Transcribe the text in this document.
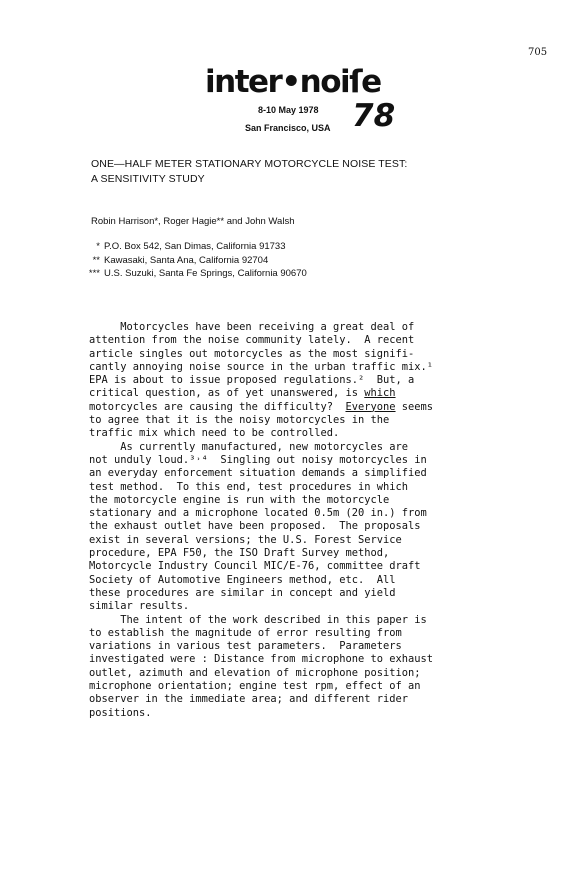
705
inter•noiſe
8-10 May 1978
San Francisco, USA 78
ONE—HALF METER STATIONARY MOTORCYCLE NOISE TEST:
A SENSITIVITY STUDY
Robin Harrison*, Roger Hagie** and John Walsh
* P.O. Box 542, San Dimas, California 91733
** Kawasaki, Santa Ana, California 92704
*** U.S. Suzuki, Santa Fe Springs, California 90670
Motorcycles have been receiving a great deal of
attention from the noise community lately.  A recent
article singles out motorcycles as the most signifi-
cantly annoying noise source in the urban traffic mix.¹
EPA is about to issue proposed regulations.²  But, a
critical question, as of yet unanswered, is which
motorcycles are causing the difficulty?  Everyone seems
to agree that it is the noisy motorcycles in the
traffic mix which need to be controlled.
As currently manufactured, new motorcycles are
not unduly loud.³˒⁴  Singling out noisy motorcycles in
an everyday enforcement situation demands a simplified
test method.  To this end, test procedures in which
the motorcycle engine is run with the motorcycle
stationary and a microphone located 0.5m (20 in.) from
the exhaust outlet have been proposed.  The proposals
exist in several versions; the U.S. Forest Service
procedure, EPA F50, the ISO Draft Survey method,
Motorcycle Industry Council MIC/E-76, committee draft
Society of Automotive Engineers method, etc.  All
these procedures are similar in concept and yield
similar results.
The intent of the work described in this paper is
to establish the magnitude of error resulting from
variations in various test parameters.  Parameters
investigated were : Distance from microphone to exhaust
outlet, azimuth and elevation of microphone position;
microphone orientation; engine test rpm, effect of an
observer in the immediate area; and different rider
positions.
